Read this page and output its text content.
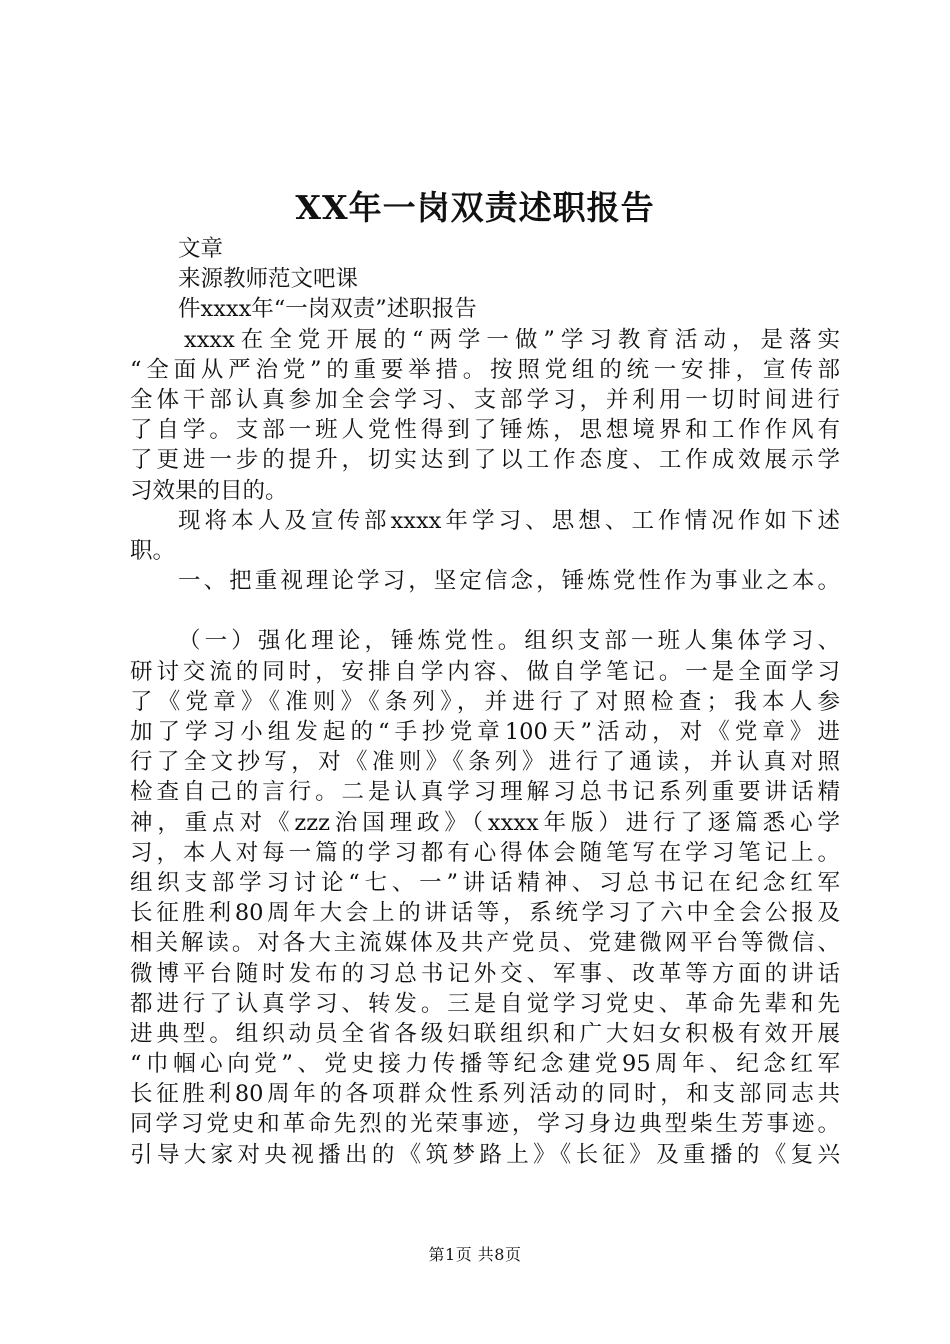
XX年一岗双责述职报告
文章
来源教师范文吧课
件xxxx年“一岗双责”述职报告
xxxx在全党开展的“两学一做”学习教育活动，是落实
“全面从严治党”的重要举措。按照党组的统一安排，宣传部
全体干部认真参加全会学习、支部学习，并利用一切时间进行
了自学。支部一班人党性得到了锤炼，思想境界和工作作风有
了更进一步的提升，切实达到了以工作态度、工作成效展示学
习效果的目的。
现将本人及宣传部xxxx年学习、思想、工作情况作如下述
职。
一、把重视理论学习，坚定信念，锤炼党性作为事业之本。
（一）强化理论，锤炼党性。组织支部一班人集体学习、
研讨交流的同时，安排自学内容、做自学笔记。一是全面学习
了《党章》《准则》《条列》，并进行了对照检查；我本人参
加了学习小组发起的“手抄党章100天”活动，对《党章》进
行了全文抄写，对《准则》《条列》进行了通读，并认真对照
检查自己的言行。二是认真学习理解习总书记系列重要讲话精
神，重点对《zzz治国理政》（xxxx年版）进行了逐篇悉心学
习，本人对每一篇的学习都有心得体会随笔写在学习笔记上。
组织支部学习讨论“七、一”讲话精神、习总书记在纪念红军
长征胜利80周年大会上的讲话等，系统学习了六中全会公报及
相关解读。对各大主流媒体及共产党员、党建微网平台等微信、
微博平台随时发布的习总书记外交、军事、改革等方面的讲话
都进行了认真学习、转发。三是自觉学习党史、革命先辈和先
进典型。组织动员全省各级妇联组织和广大妇女积极有效开展
“巾帼心向党”、党史接力传播等纪念建党95周年、纪念红军
长征胜利80周年的各项群众性系列活动的同时，和支部同志共
同学习党史和革命先烈的光荣事迹，学习身边典型柴生芳事迹。
引导大家对央视播出的《筑梦路上》《长征》及重播的《复兴
第1页 共8页
